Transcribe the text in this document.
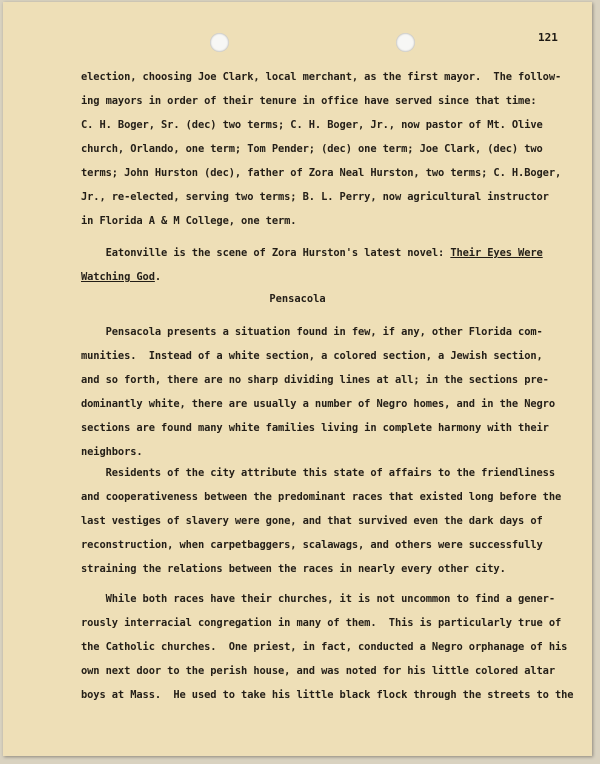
121
election, choosing Joe Clark, local merchant, as the first mayor.  The follow-
ing mayors in order of their tenure in office have served since that time:
C. H. Boger, Sr. (dec) two terms; C. H. Boger, Jr., now pastor of Mt. Olive
church, Orlando, one term; Tom Pender; (dec) one term; Joe Clark, (dec) two
terms; John Hurston (dec), father of Zora Neal Hurston, two terms; C. H.Boger,
Jr., re-elected, serving two terms; B. L. Perry, now agricultural instructor
in Florida A & M College, one term.
Eatonville is the scene of Zora Hurston's latest novel: Their Eyes Were
Watching God.
Pensacola
Pensacola presents a situation found in few, if any, other Florida com-
munities.  Instead of a white section, a colored section, a Jewish section,
and so forth, there are no sharp dividing lines at all; in the sections pre-
dominantly white, there are usually a number of Negro homes, and in the Negro
sections are found many white families living in complete harmony with their
neighbors.
Residents of the city attribute this state of affairs to the friendliness
and cooperativeness between the predominant races that existed long before the
last vestiges of slavery were gone, and that survived even the dark days of
reconstruction, when carpetbaggers, scalawags, and others were successfully
straining the relations between the races in nearly every other city.
While both races have their churches, it is not uncommon to find a gener-
rously interracial congregation in many of them.  This is particularly true of
the Catholic churches.  One priest, in fact, conducted a Negro orphanage of his
own next door to the perish house, and was noted for his little colored altar
boys at Mass.  He used to take his little black flock through the streets to the
